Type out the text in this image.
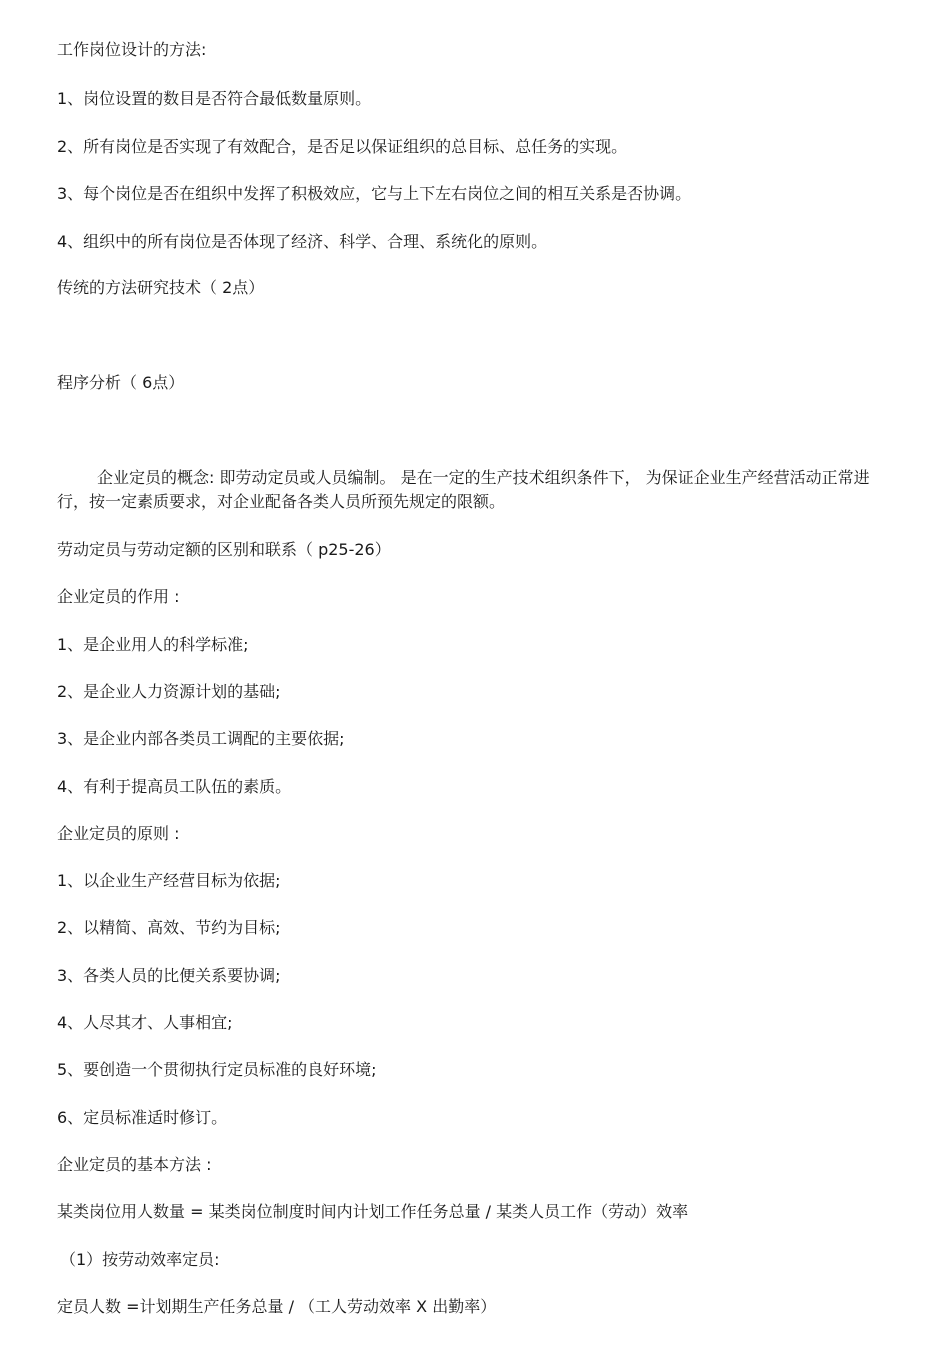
工作岗位设计的方法:
1、岗位设置的数目是否符合最低数量原则。
2、所有岗位是否实现了有效配合，是否足以保证组织的总目标、总任务的实现。
3、每个岗位是否在组织中发挥了积极效应，它与上下左右岗位之间的相互关系是否协调。
4、组织中的所有岗位是否体现了经济、科学、合理、系统化的原则。
传统的方法研究技术（ 2点）
程序分析（ 6点）
企业定员的概念: 即劳动定员或人员编制。 是在一定的生产技术组织条件下， 为保证企业生产经营活动正常进行，按一定素质要求，对企业配备各类人员所预先规定的限额。
劳动定员与劳动定额的区别和联系（ p25-26）
企业定员的作用 :
1、是企业用人的科学标准;
2、是企业人力资源计划的基础;
3、是企业内部各类员工调配的主要依据;
4、有利于提高员工队伍的素质。
企业定员的原则 :
1、以企业生产经营目标为依据;
2、以精简、高效、节约为目标;
3、各类人员的比便关系要协调;
4、人尽其才、人事相宜;
5、要创造一个贯彻执行定员标准的良好环境;
6、定员标准适时修订。
企业定员的基本方法 :
某类岗位用人数量 = 某类岗位制度时间内计划工作任务总量 / 某类人员工作（劳动）效率
（1）按劳动效率定员:
定员人数 =计划期生产任务总量 / （工人劳动效率 X 出勤率）
